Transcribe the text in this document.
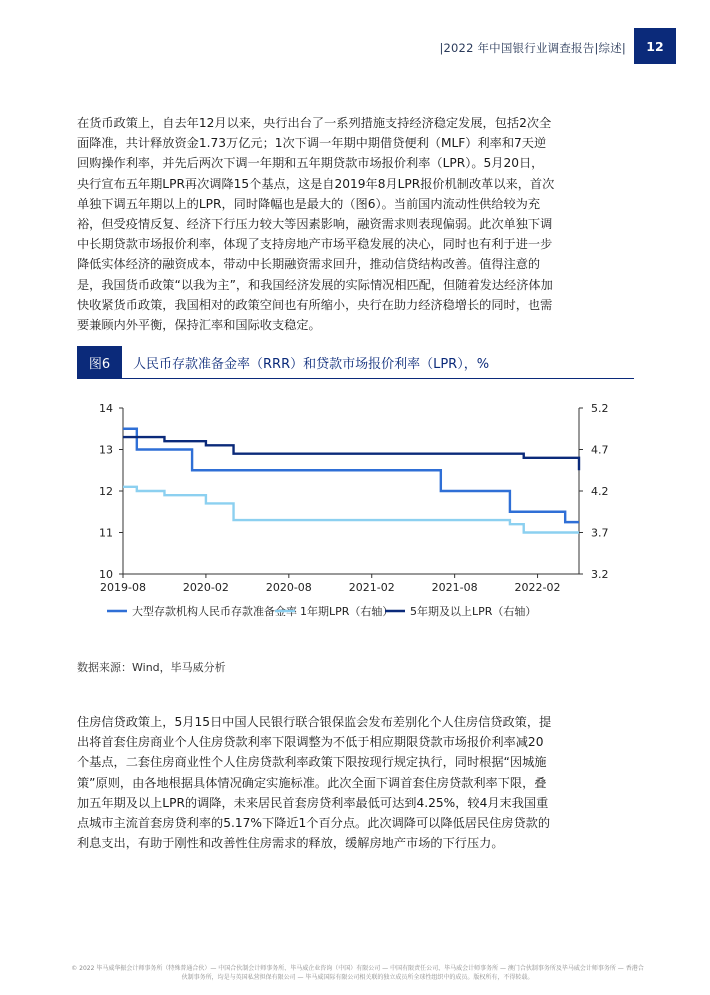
|2022 年中国银行业调查报告|综述|	12

在货币政策上，自去年12月以来，央行出台了一系列措施支持经济稳定发展，包括2次全面降准，共计释放资金1.73万亿元；1次下调一年期中期借贷便利（MLF）利率和7天逆回购操作利率，并先后两次下调一年期和五年期贷款市场报价利率（LPR）。5月20日，央行宣布五年期LPR再次调降15个基点，这是自2019年8月LPR报价机制改革以来，首次单独下调五年期以上的LPR，同时降幅也是最大的（图6）。当前国内流动性供给较为充裕，但受疫情反复、经济下行压力较大等因素影响，融资需求则表现偏弱。此次单独下调中长期贷款市场报价利率，体现了支持房地产市场平稳发展的决心，同时也有利于进一步降低实体经济的融资成本，带动中长期融资需求回升，推动信贷结构改善。值得注意的是，我国货币政策“以我为主”，和我国经济发展的实际情况相匹配，但随着发达经济体加快收紧货币政策，我国相对的政策空间也有所缩小，央行在助力经济稳增长的同时，也需要兼顾内外平衡，保持汇率和国际收支稳定。

图6	人民币存款准备金率（RRR）和贷款市场报价利率（LPR），%
14
13
12
11
10
5.2
4.7
4.2
3.7
3.2
2019-08	2020-02	2020-08	2021-02	2021-08	2022-02
大型存款机构人民币存款准备金率 1年期LPR（右轴） 5年期及以上LPR（右轴）
数据来源：Wind，毕马威分析

住房信贷政策上，5月15日中国人民银行联合银保监会发布差别化个人住房信贷政策，提出将首套住房商业个人住房贷款利率下限调整为不低于相应期限贷款市场报价利率减20个基点，二套住房商业性个人住房贷款利率政策下限按现行规定执行，同时根据“因城施策”原则，由各地根据具体情况确定实施标准。此次全面下调首套住房贷款利率下限，叠加五年期及以上LPR的调降，未来居民首套房贷利率最低可达到4.25%，较4月末我国重点城市主流首套房贷利率的5.17%下降近1个百分点。此次调降可以降低居民住房贷款的利息支出，有助于刚性和改善性住房需求的释放，缓解房地产市场的下行压力。

© 2022 毕马威华振会计师事务所（特殊普通合伙）— 中国合伙制会计师事务所、毕马威企业咨询（中国）有限公司 — 中国有限责任公司、毕马威会计师事务所 — 澳门合伙制事务所及毕马威会计师事务所 — 香港合伙制事务所，均是与英国私营担保有限公司 — 毕马威国际有限公司相关联的独立成员所全球性组织中的成员。版权所有，不得转载。
